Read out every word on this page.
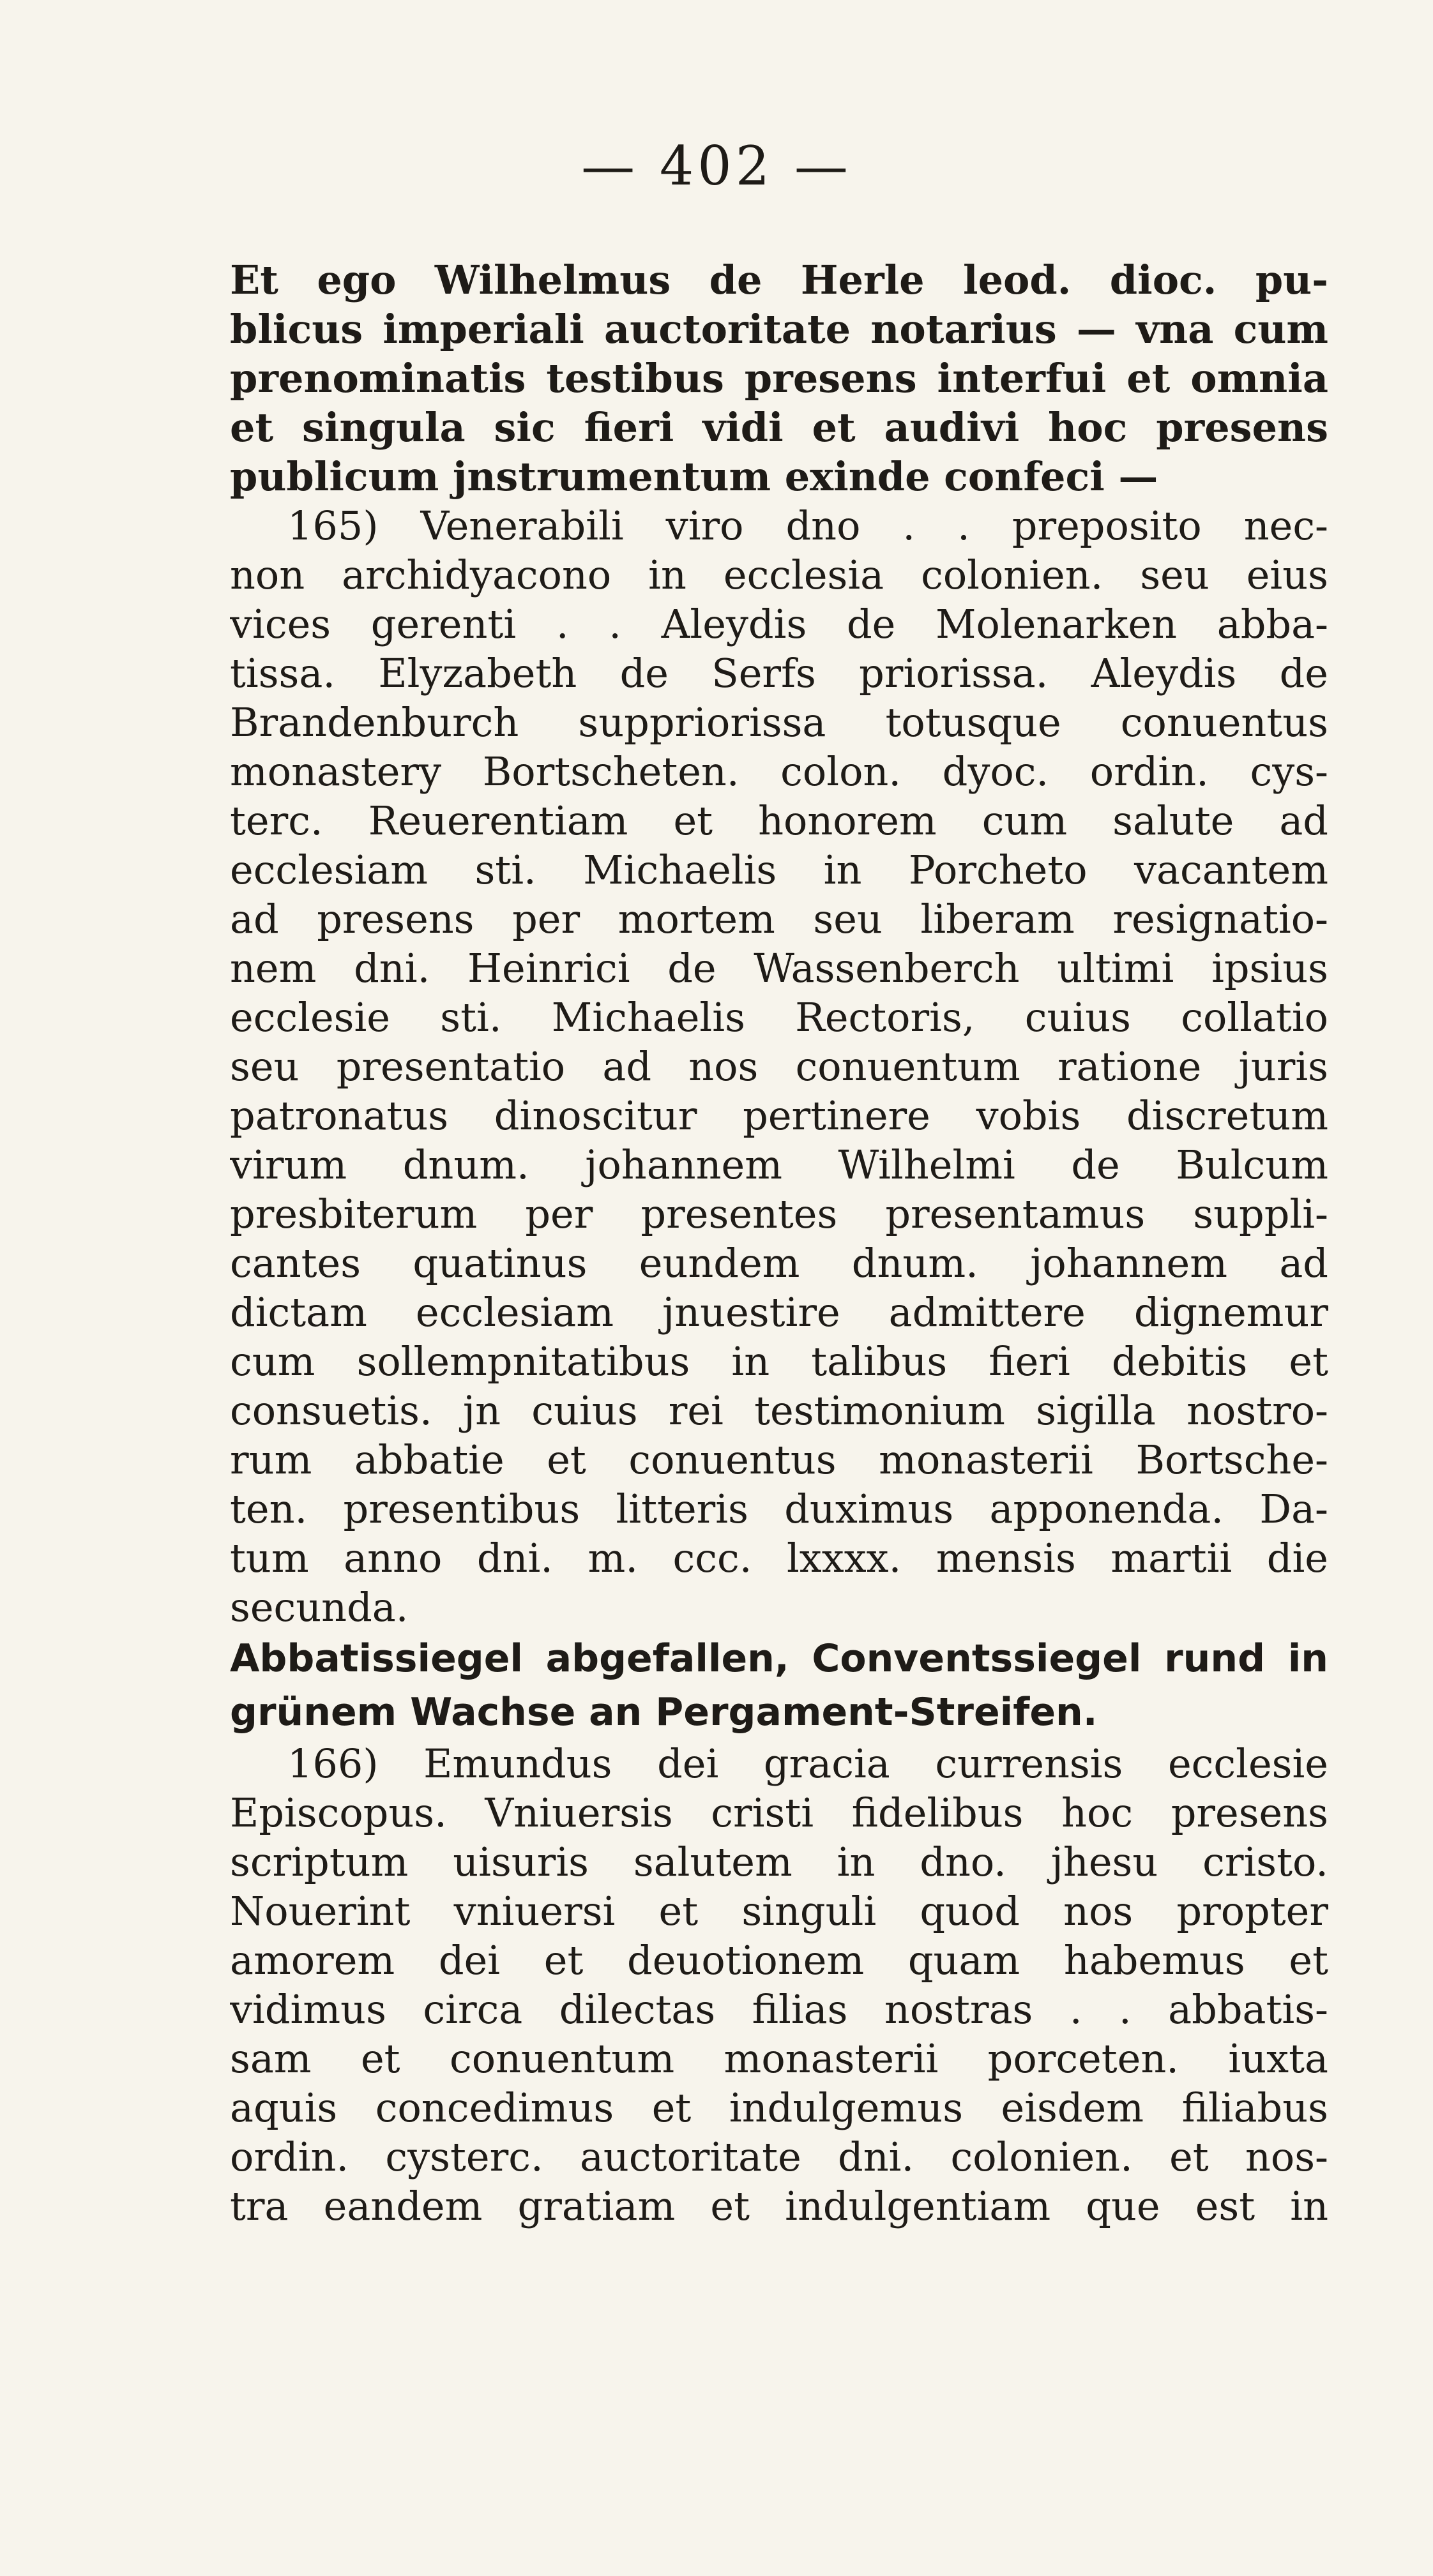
— 402 —
Et ego Wilhelmus de Herle leod. dioc. pu-
blicus imperiali auctoritate notarius — vna cum
prenominatis testibus presens interfui et omnia
et singula sic fieri vidi et audivi hoc presens
publicum jnstrumentum exinde confeci —
165) Venerabili viro dno . . preposito nec-
non archidyacono in ecclesia colonien. seu eius
vices gerenti . . Aleydis de Molenarken abba-
tissa. Elyzabeth de Serfs priorissa. Aleydis de
Brandenburch suppriorissa totusque conuentus
monastery Bortscheten. colon. dyoc. ordin. cys-
terc. Reuerentiam et honorem cum salute ad
ecclesiam sti. Michaelis in Porcheto vacantem
ad presens per mortem seu liberam resignatio-
nem dni. Heinrici de Wassenberch ultimi ipsius
ecclesie sti. Michaelis Rectoris, cuius collatio
seu presentatio ad nos conuentum ratione juris
patronatus dinoscitur pertinere vobis discretum
virum dnum. johannem Wilhelmi de Bulcum
presbiterum per presentes presentamus suppli-
cantes quatinus eundem dnum. johannem ad
dictam ecclesiam jnuestire admittere dignemur
cum sollempnitatibus in talibus fieri debitis et
consuetis. jn cuius rei testimonium sigilla nostro-
rum abbatie et conuentus monasterii Bortsche-
ten. presentibus litteris duximus apponenda. Da-
tum anno dni. m. ccc. lxxxx. mensis martii die
secunda.
Abbatissiegel abgefallen, Conventssiegel rund in
grünem Wachse an Pergament-Streifen.
166) Emundus dei gracia currensis ecclesie
Episcopus. Vniuersis cristi fidelibus hoc presens
scriptum uisuris salutem in dno. jhesu cristo.
Nouerint vniuersi et singuli quod nos propter
amorem dei et deuotionem quam habemus et
vidimus circa dilectas filias nostras . . abbatis-
sam et conuentum monasterii porceten. iuxta
aquis concedimus et indulgemus eisdem filiabus
ordin. cysterc. auctoritate dni. colonien. et nos-
tra eandem gratiam et indulgentiam que est in
